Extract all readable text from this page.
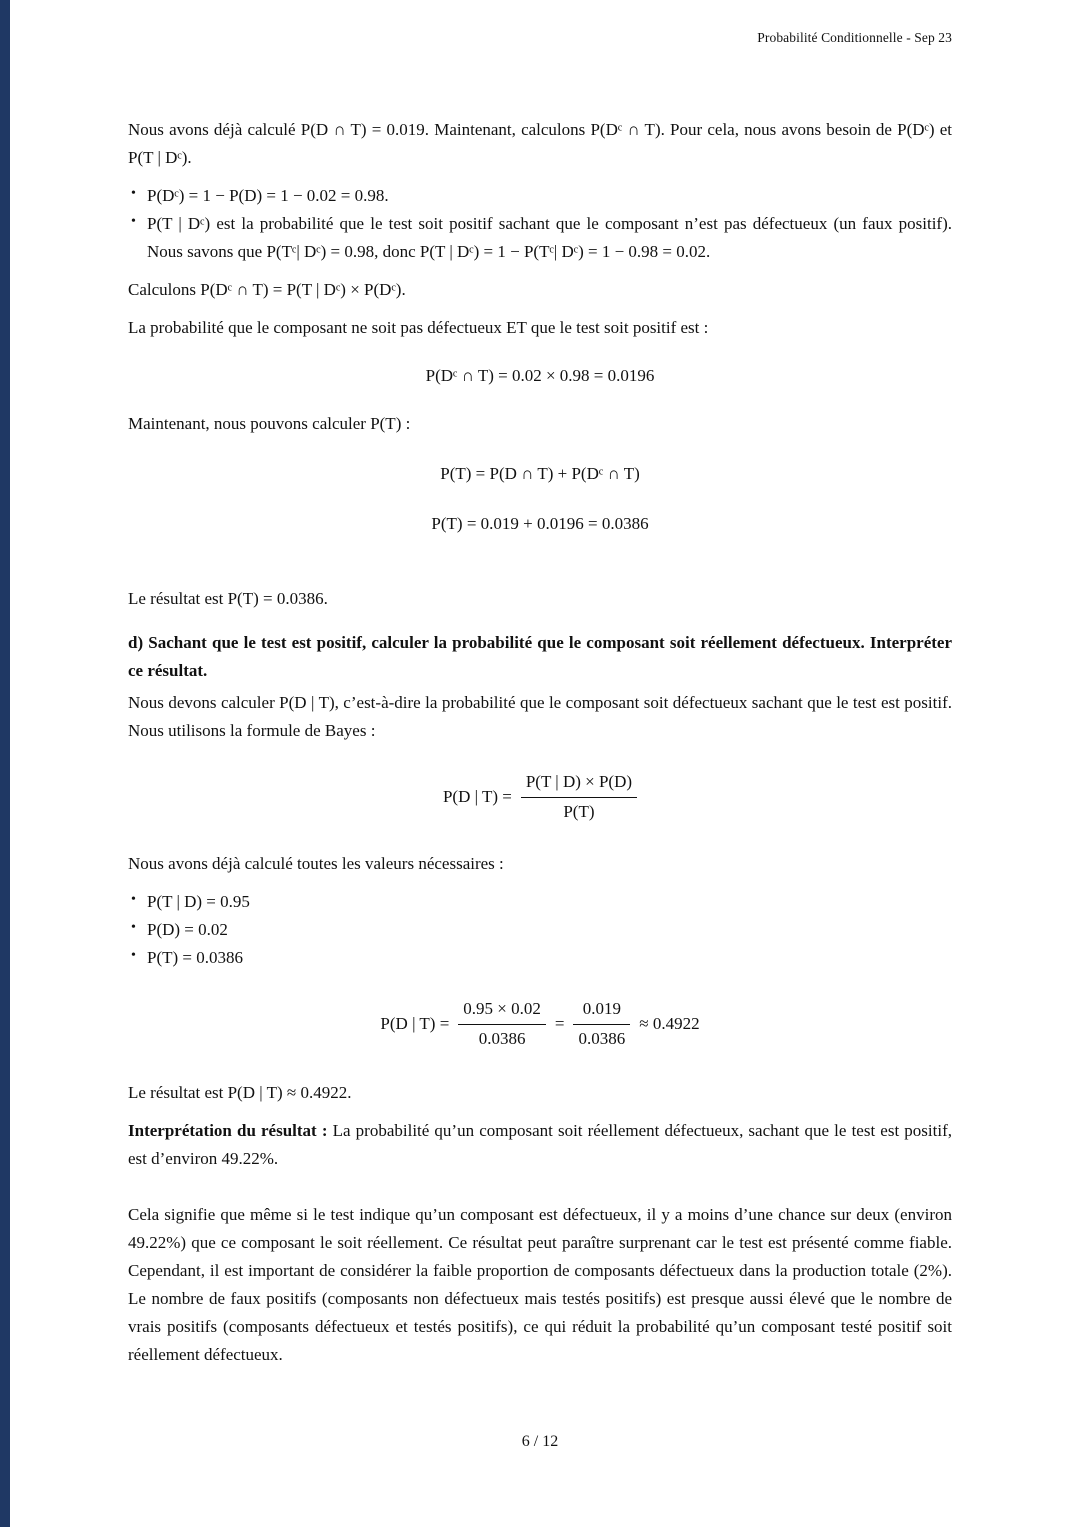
Probabilité Conditionnelle - Sep 23

Nous avons déjà calculé P(D ∩ T) = 0.019. Maintenant, calculons P(Dᶜ ∩ T). Pour cela, nous avons besoin de P(Dᶜ) et P(T | Dᶜ).

• P(Dᶜ) = 1 − P(D) = 1 − 0.02 = 0.98.
• P(T | Dᶜ) est la probabilité que le test soit positif sachant que le composant n’est pas défectueux (un faux positif). Nous savons que P(Tᶜ| Dᶜ) = 0.98, donc P(T | Dᶜ) = 1 − P(Tᶜ| Dᶜ) = 1 − 0.98 = 0.02.

Calculons P(Dᶜ ∩ T) = P(T | Dᶜ) × P(Dᶜ).

La probabilité que le composant ne soit pas défectueux ET que le test soit positif est :

P(Dᶜ ∩ T) = 0.02 × 0.98 = 0.0196

Maintenant, nous pouvons calculer P(T) :

P(T) = P(D ∩ T) + P(Dᶜ ∩ T)
P(T) = 0.019 + 0.0196 = 0.0386

Le résultat est P(T) = 0.0386.

d) Sachant que le test est positif, calculer la probabilité que le composant soit réellement défectueux. Interpréter ce résultat.

Nous devons calculer P(D | T), c’est-à-dire la probabilité que le composant soit défectueux sachant que le test est positif. Nous utilisons la formule de Bayes :

P(D | $T) = \frac{P(T | D) \times P(D)}{P(T)}$

Nous avons déjà calculé toutes les valeurs nécessaires :

• P(T | D) = 0.95
• P(D) = 0.02
• P(T) = 0.0386
P(D | $T) = \frac{0.95 \times 0.02}{0.0386} = \frac{0.019}{0.0386} \approx 0.4922$

Le résultat est P(D | T) ≈ 0.4922.

Interprétation du résultat : La probabilité qu’un composant soit réellement défectueux, sachant que le test est positif, est d’environ 49.22%.

Cela signifie que même si le test indique qu’un composant est défectueux, il y a moins d’une chance sur deux (environ 49.22%) que ce composant le soit réellement. Ce résultat peut paraître surprenant car le test est présenté comme fiable. Cependant, il est important de considérer la faible proportion de composants défectueux dans la production totale (2%). Le nombre de faux positifs (composants non défectueux mais testés positifs) est presque aussi élevé que le nombre de vrais positifs (composants défectueux et testés positifs), ce qui réduit la probabilité qu’un composant testé positif soit réellement défectueux.

6 / 12
